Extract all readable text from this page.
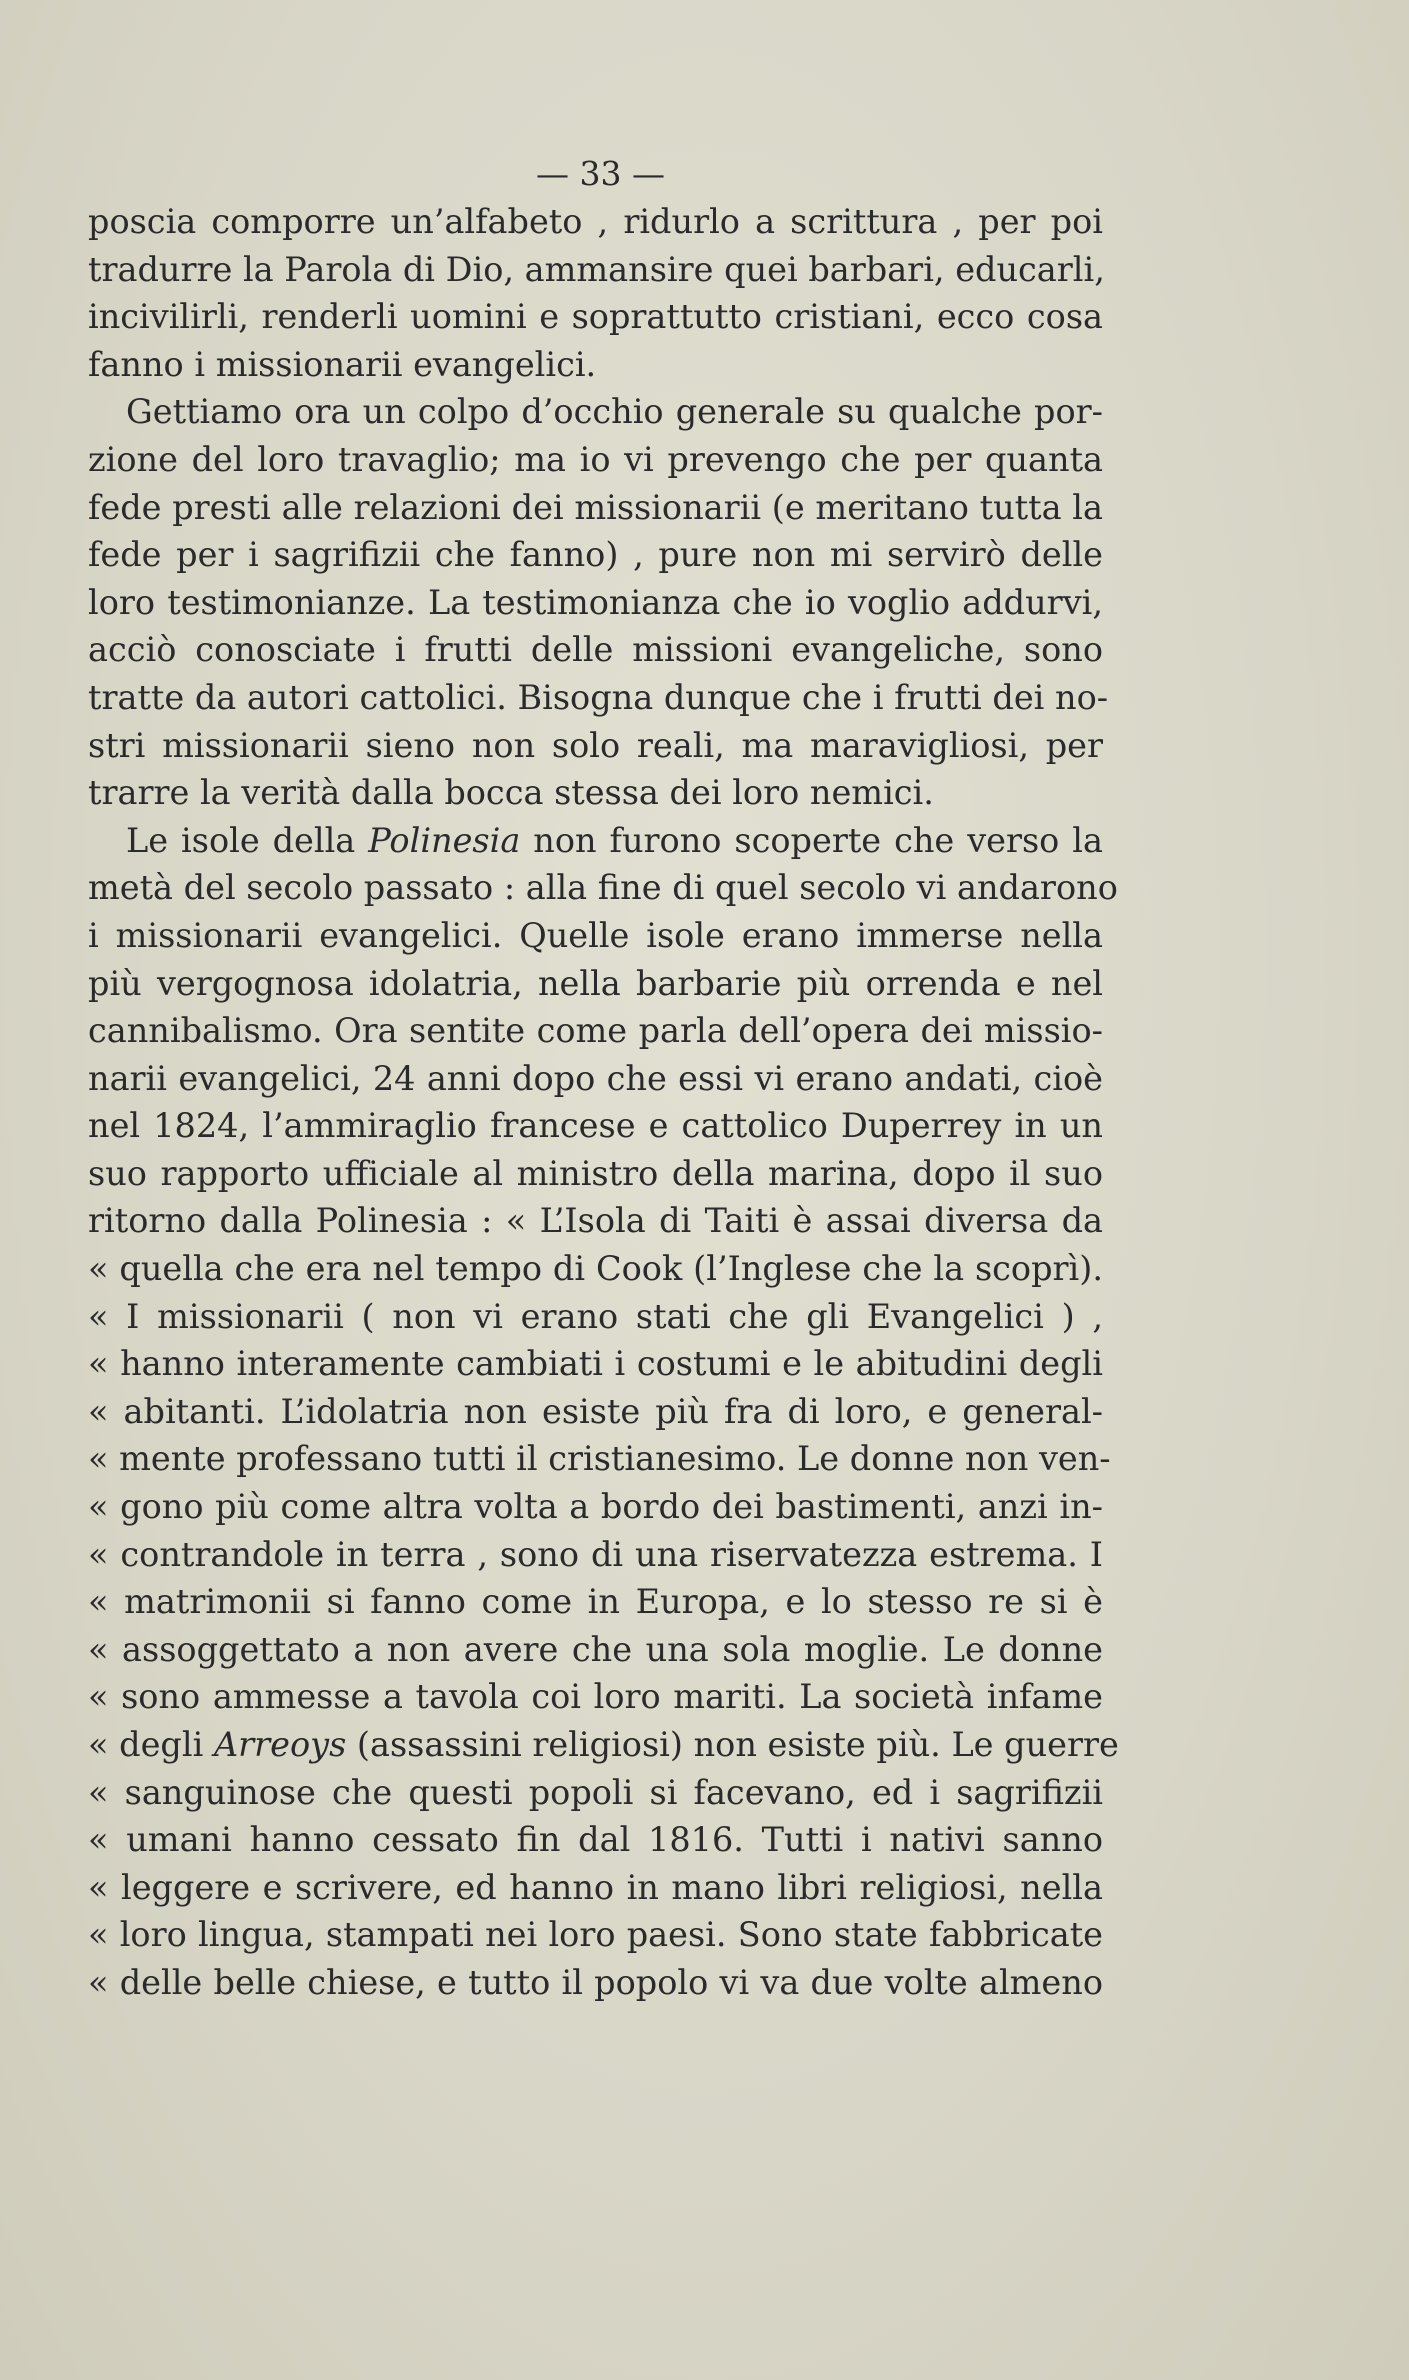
— 33 —
poscia comporre un’alfabeto , ridurlo a scrittura , per poi
tradurre la Parola di Dio, ammansire quei barbari, educarli,
incivilirli, renderli uomini e soprattutto cristiani, ecco cosa
fanno i missionarii evangelici.
Gettiamo ora un colpo d’occhio generale su qualche por-
zione del loro travaglio; ma io vi prevengo che per quanta
fede presti alle relazioni dei missionarii (e meritano tutta la
fede per i sagrifizii che fanno) , pure non mi servirò delle
loro testimonianze. La testimonianza che io voglio addurvi,
acciò conosciate i frutti delle missioni evangeliche, sono
tratte da autori cattolici. Bisogna dunque che i frutti dei no-
stri missionarii sieno non solo reali, ma maravigliosi, per
trarre la verità dalla bocca stessa dei loro nemici.
Le isole della Polinesia non furono scoperte che verso la
metà del secolo passato : alla fine di quel secolo vi andarono
i missionarii evangelici. Quelle isole erano immerse nella
più vergognosa idolatria, nella barbarie più orrenda e nel
cannibalismo. Ora sentite come parla dell’opera dei missio-
narii evangelici, 24 anni dopo che essi vi erano andati, cioè
nel 1824, l’ammiraglio francese e cattolico Duperrey in un
suo rapporto ufficiale al ministro della marina, dopo il suo
ritorno dalla Polinesia : « L’Isola di Taiti è assai diversa da
« quella che era nel tempo di Cook (l’Inglese che la scoprì).
« I missionarii ( non vi erano stati che gli Evangelici ) ,
« hanno interamente cambiati i costumi e le abitudini degli
« abitanti. L’idolatria non esiste più fra di loro, e general-
« mente professano tutti il cristianesimo. Le donne non ven-
« gono più come altra volta a bordo dei bastimenti, anzi in-
« contrandole in terra , sono di una riservatezza estrema. I
« matrimonii si fanno come in Europa, e lo stesso re si è
« assoggettato a non avere che una sola moglie. Le donne
« sono ammesse a tavola coi loro mariti. La società infame
« degli Arreoys (assassini religiosi) non esiste più. Le guerre
« sanguinose che questi popoli si facevano, ed i sagrifizii
« umani hanno cessato fin dal 1816. Tutti i nativi sanno
« leggere e scrivere, ed hanno in mano libri religiosi, nella
« loro lingua, stampati nei loro paesi. Sono state fabbricate
« delle belle chiese, e tutto il popolo vi va due volte almeno
